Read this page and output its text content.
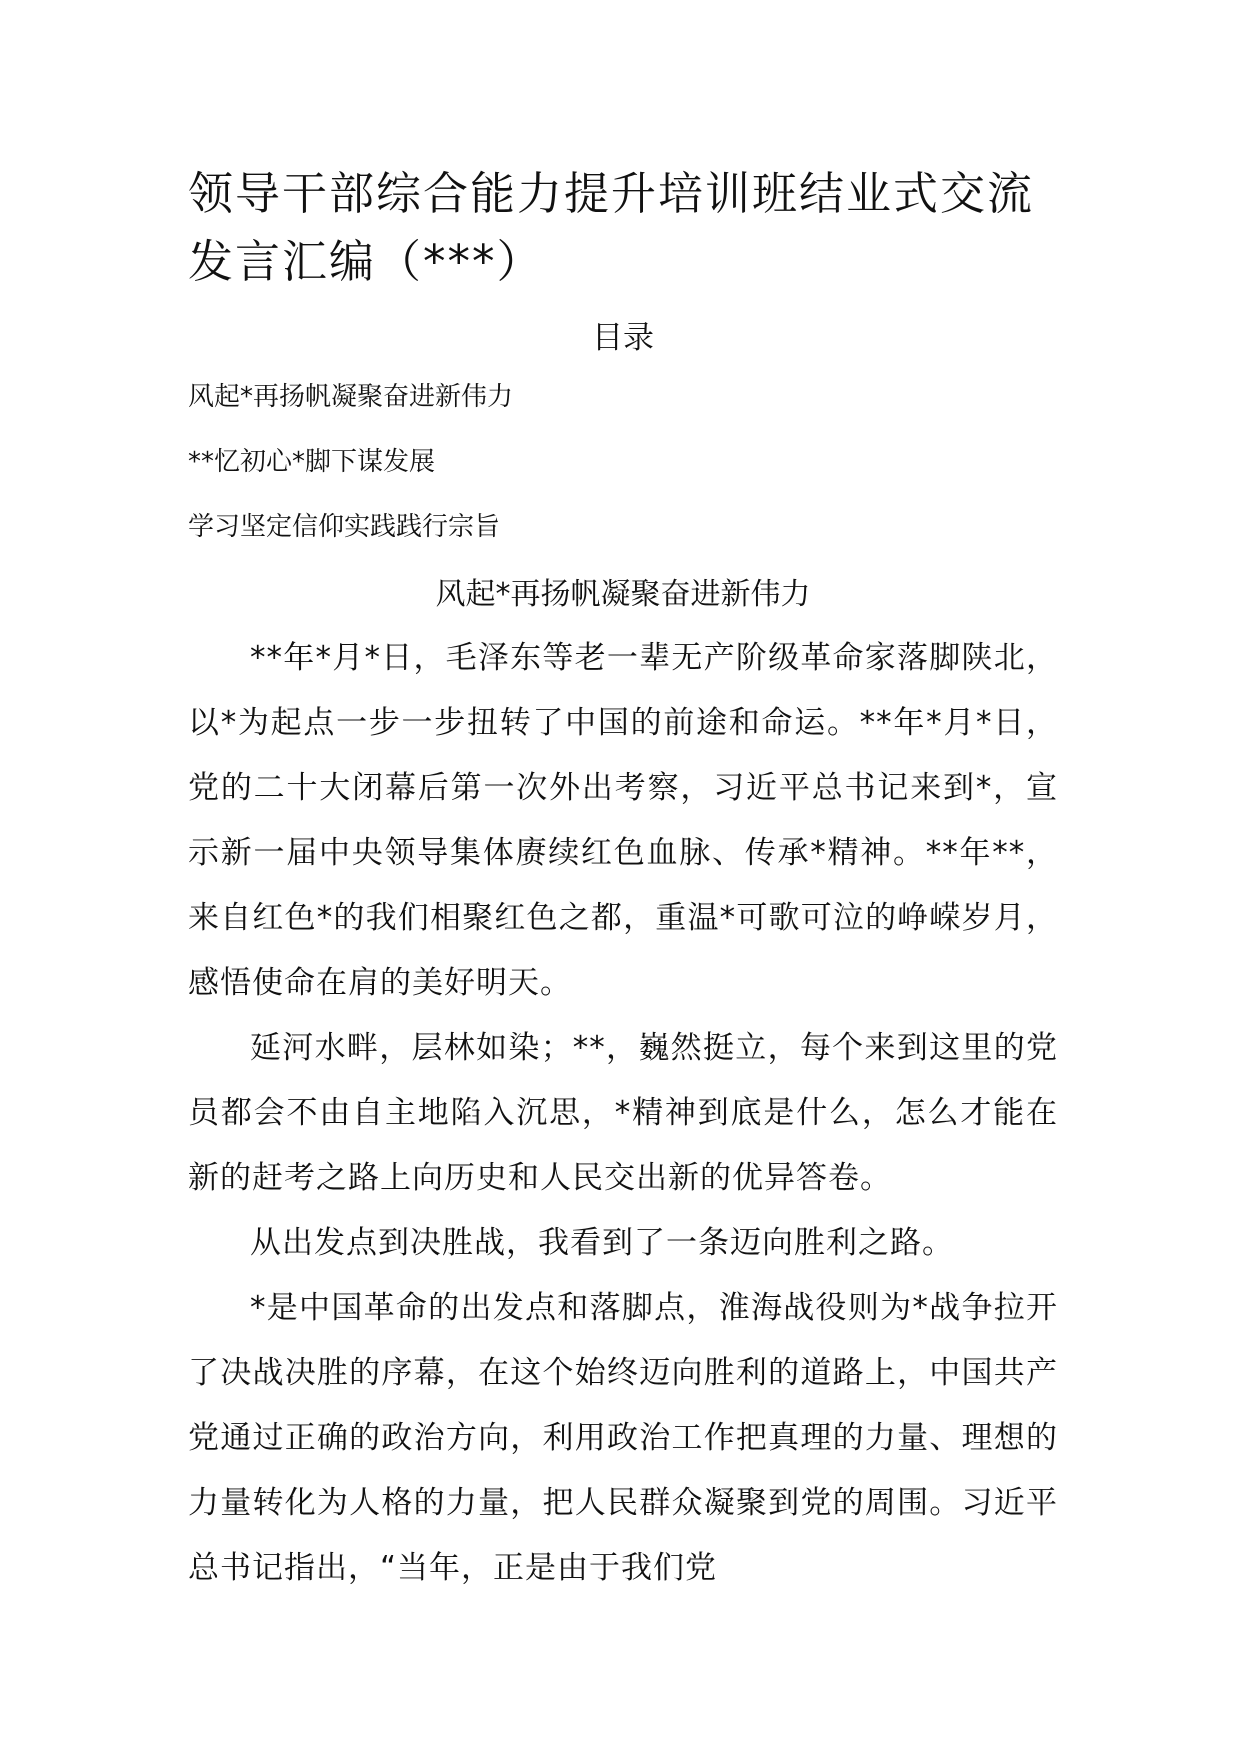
领导干部综合能力提升培训班结业式交流发言汇编（***）
目录
风起*再扬帆凝聚奋进新伟力
**忆初心*脚下谋发展
学习坚定信仰实践践行宗旨
风起*再扬帆凝聚奋进新伟力

**年*月*日，毛泽东等老一辈无产阶级革命家落脚陕北，以*为起点一步一步扭转了中国的前途和命运。**年*月*日，党的二十大闭幕后第一次外出考察，习近平总书记来到*，宣示新一届中央领导集体赓续红色血脉、传承*精神。**年**，来自红色*的我们相聚红色之都，重温*可歌可泣的峥嵘岁月，感悟使命在肩的美好明天。

延河水畔，层林如染；**，巍然挺立，每个来到这里的党员都会不由自主地陷入沉思，*精神到底是什么，怎么才能在新的赶考之路上向历史和人民交出新的优异答卷。

从出发点到决胜战，我看到了一条迈向胜利之路。

*是中国革命的出发点和落脚点，淮海战役则为*战争拉开了决战决胜的序幕，在这个始终迈向胜利的道路上，中国共产党通过正确的政治方向，利用政治工作把真理的力量、理想的力量转化为人格的力量，把人民群众凝聚到党的周围。习近平总书记指出，“当年，正是由于我们党
